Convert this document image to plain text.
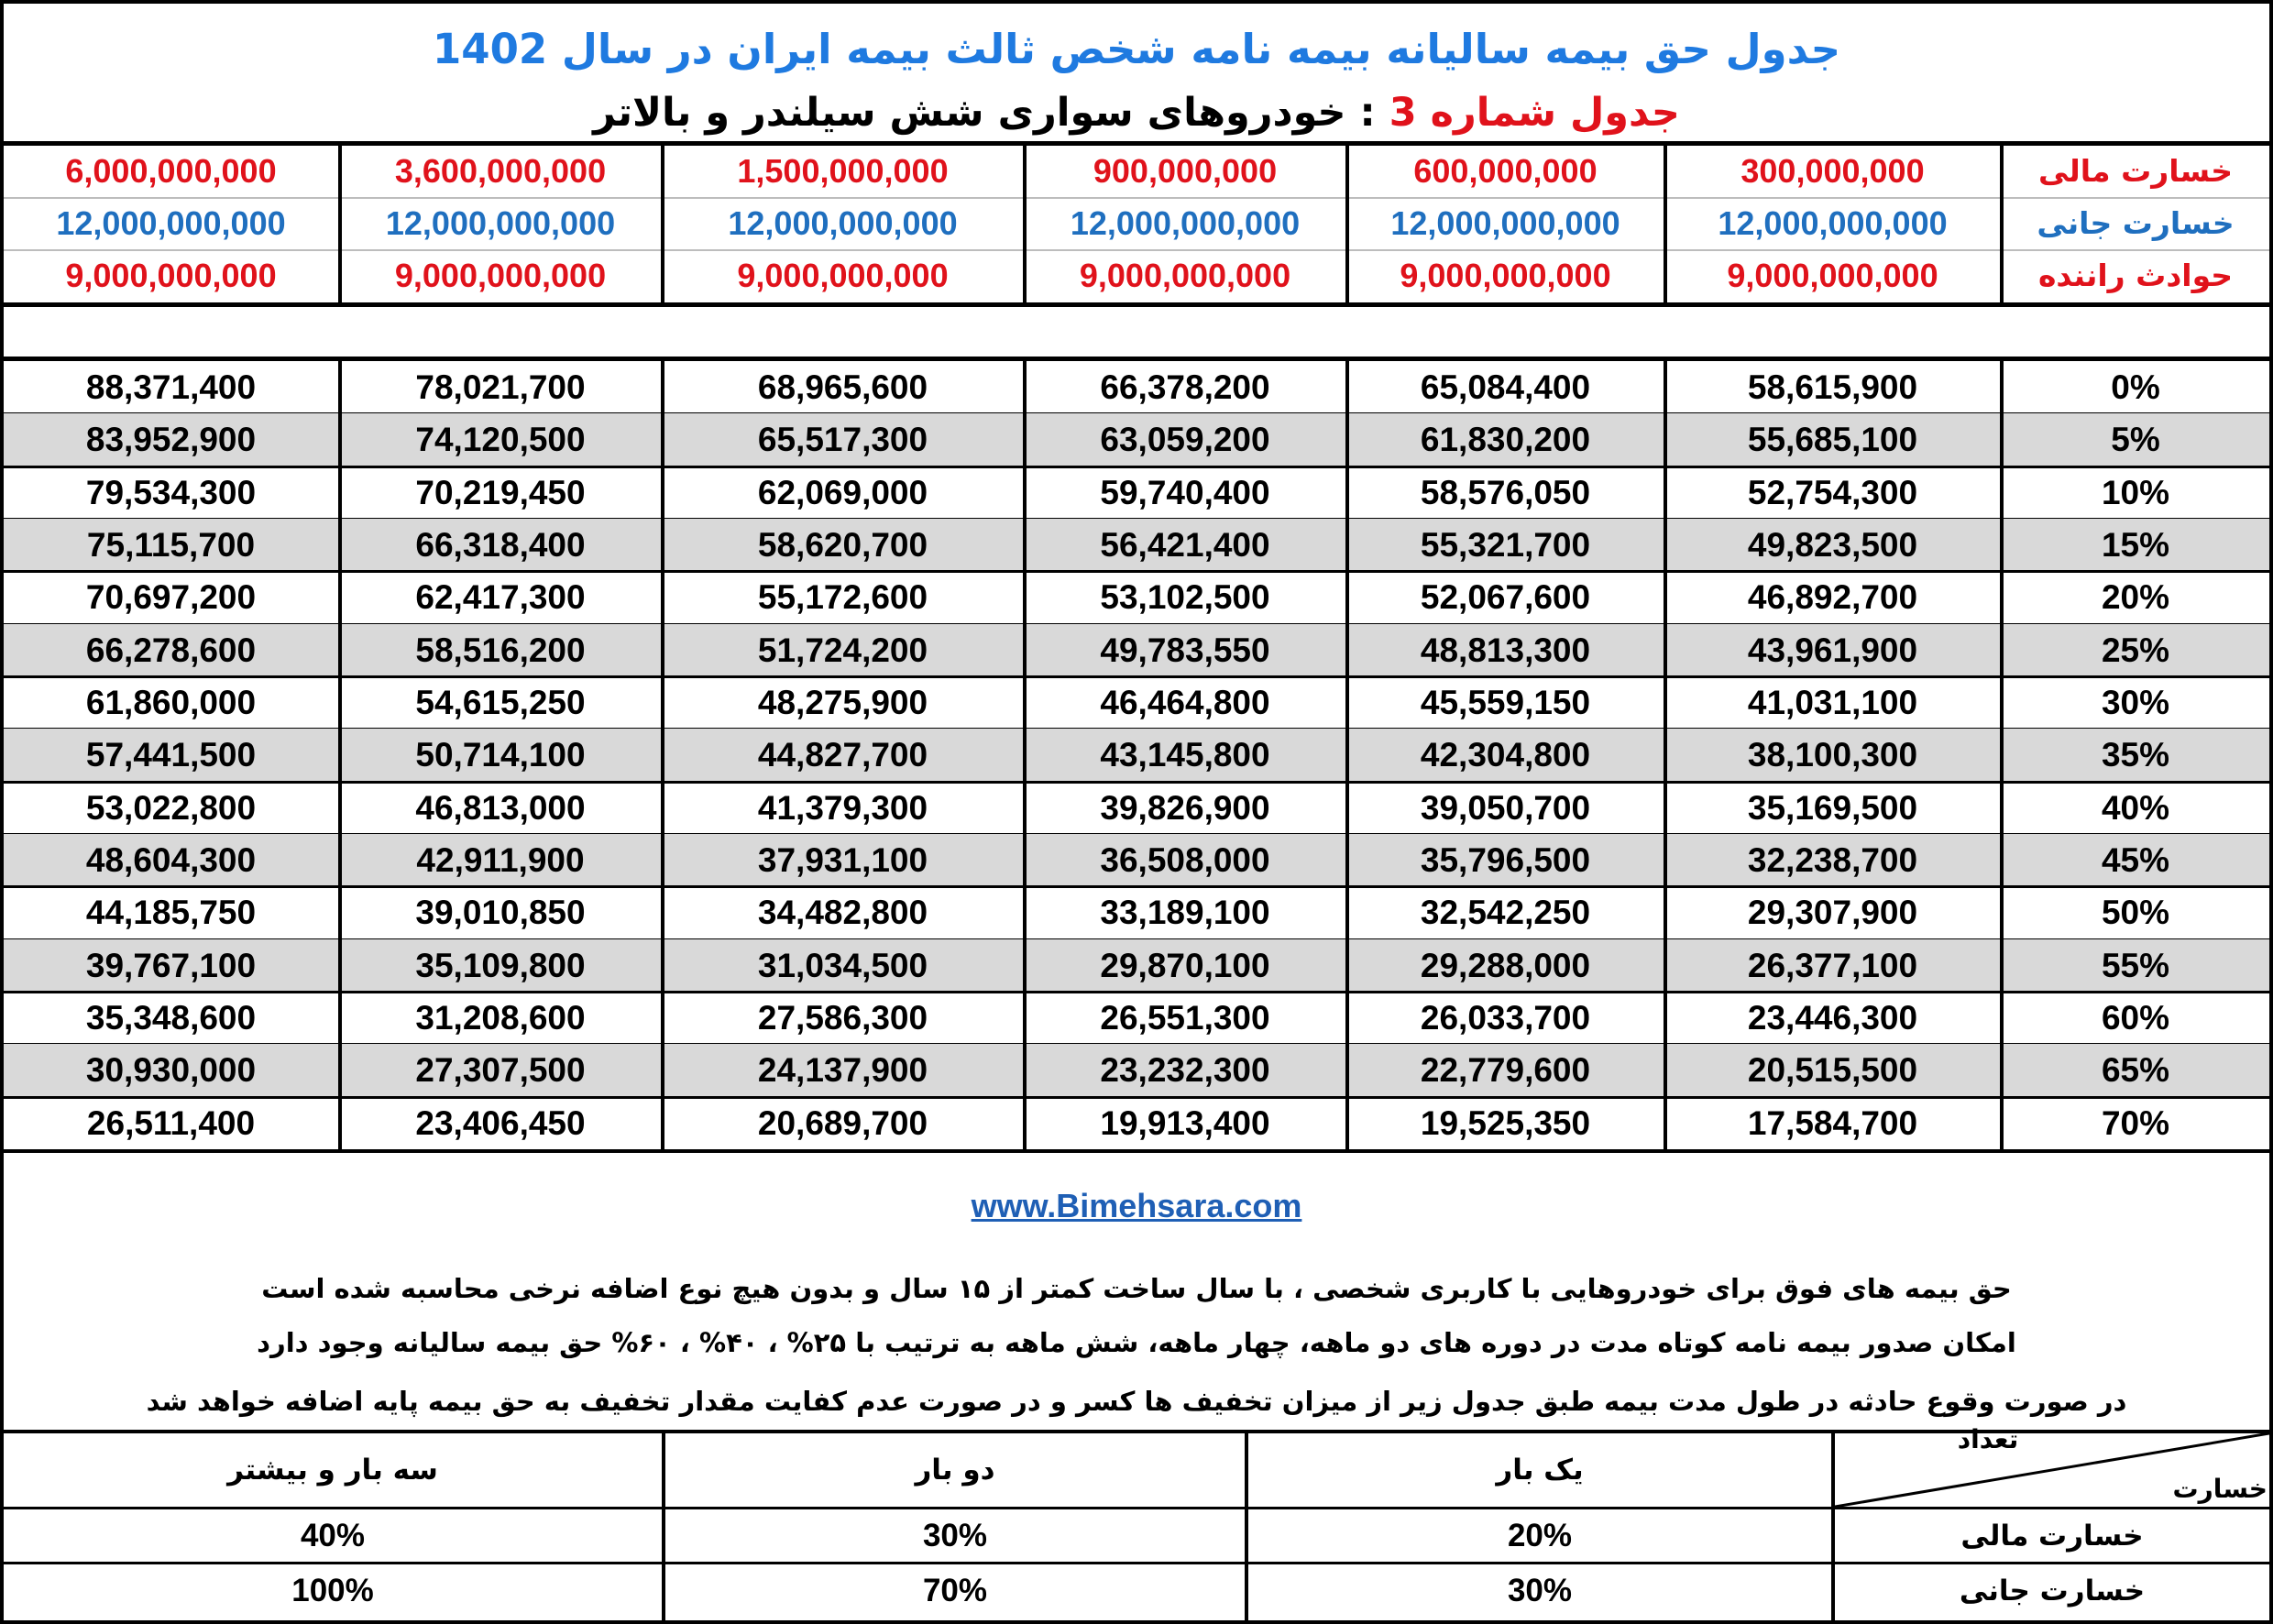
جدول حق بیمه سالیانه بیمه نامه شخص ثالث بیمه ایران در سال 1402
جدول شماره 3 : خودروهای سواری شش سیلندر و بالاتر
خسارت مالی
خسارت جانی
حوادث راننده
300,000,000
600,000,000
900,000,000
1,500,000,000
3,600,000,000
6,000,000,000
12,000,000,000
12,000,000,000
12,000,000,000
12,000,000,000
12,000,000,000
12,000,000,000
9,000,000,000
9,000,000,000
9,000,000,000
9,000,000,000
9,000,000,000
9,000,000,000
0%
58,615,900
65,084,400
66,378,200
68,965,600
78,021,700
88,371,400
5%
55,685,100
61,830,200
63,059,200
65,517,300
74,120,500
83,952,900
10%
52,754,300
58,576,050
59,740,400
62,069,000
70,219,450
79,534,300
15%
49,823,500
55,321,700
56,421,400
58,620,700
66,318,400
75,115,700
20%
46,892,700
52,067,600
53,102,500
55,172,600
62,417,300
70,697,200
25%
43,961,900
48,813,300
49,783,550
51,724,200
58,516,200
66,278,600
30%
41,031,100
45,559,150
46,464,800
48,275,900
54,615,250
61,860,000
35%
38,100,300
42,304,800
43,145,800
44,827,700
50,714,100
57,441,500
40%
35,169,500
39,050,700
39,826,900
41,379,300
46,813,000
53,022,800
45%
32,238,700
35,796,500
36,508,000
37,931,100
42,911,900
48,604,300
50%
29,307,900
32,542,250
33,189,100
34,482,800
39,010,850
44,185,750
55%
26,377,100
29,288,000
29,870,100
31,034,500
35,109,800
39,767,100
60%
23,446,300
26,033,700
26,551,300
27,586,300
31,208,600
35,348,600
65%
20,515,500
22,779,600
23,232,300
24,137,900
27,307,500
30,930,000
70%
17,584,700
19,525,350
19,913,400
20,689,700
23,406,450
26,511,400
www.Bimehsara.com
حق بیمه های فوق برای خودروهایی با کاربری شخصی ، با سال ساخت کمتر از ۱۵ سال و بدون هیچ نوع اضافه نرخی محاسبه شده است
امکان صدور بیمه نامه کوتاه مدت در دوره های دو ماهه، چهار ماهه، شش ماهه به ترتیب با ۲۵% ، ۴۰% ، ۶۰% حق بیمه سالیانه وجود دارد
در صورت وقوع حادثه در طول مدت بیمه طبق جدول زیر از میزان تخفیف ها کسر و در صورت عدم کفایت مقدار تخفیف به حق بیمه پایه اضافه خواهد شد
تعداد
خسارت
یک بار
دو بار
سه بار و بیشتر
خسارت مالی
20%
30%
40%
خسارت جانی
30%
70%
100%
